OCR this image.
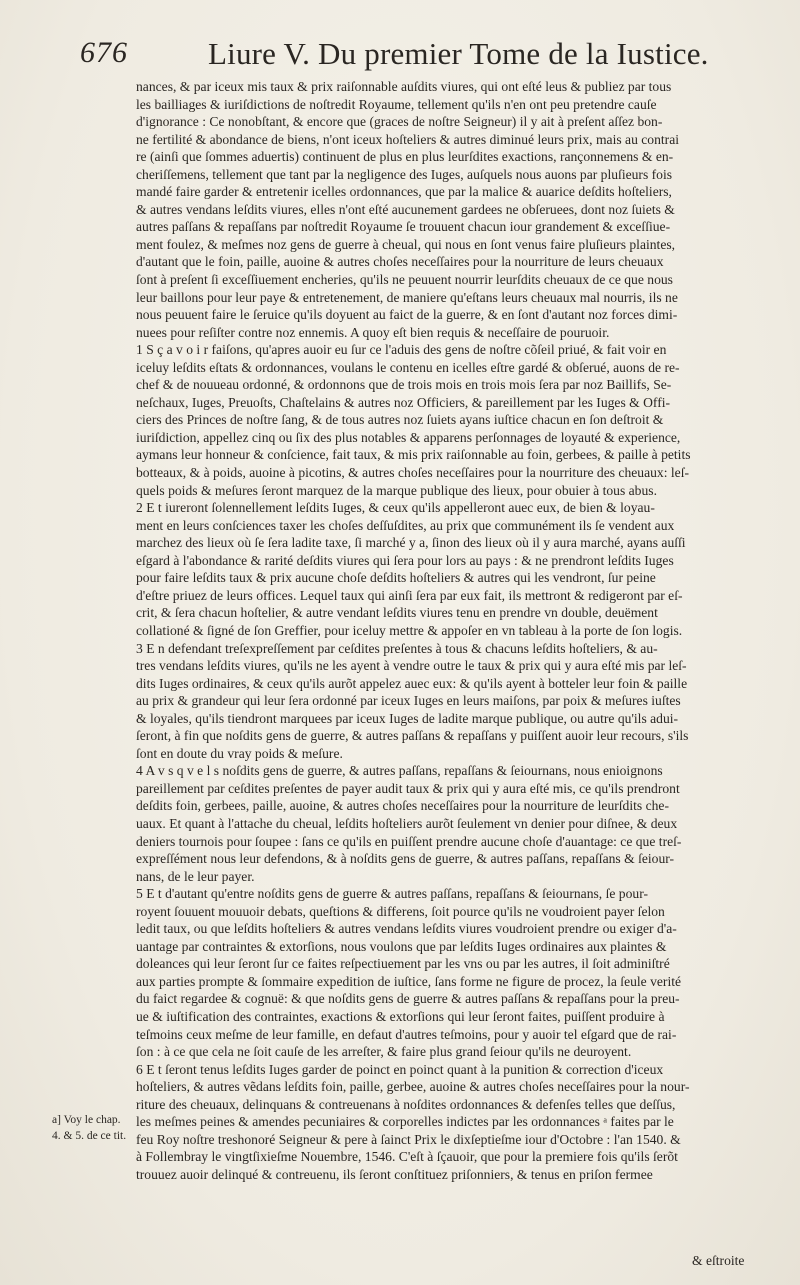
676	Liure V. Du premier Tome de la Iustice.
nances, & par iceux mis taux & prix raiſonnable auſdits viures, qui ont eſté leus & publiez par tous
les bailliages & iuriſdictions de noſtredit Royaume, tellement qu'ils n'en ont peu pretendre cauſe
d'ignorance : Ce nonobſtant, & encore que (graces de noſtre Seigneur) il y ait à preſent aſſez bon-
ne fertilité & abondance de biens, n'ont iceux hoſteliers & autres diminué leurs prix, mais au contrai
re (ainſi que ſommes aduertis) continuent de plus en plus leurſdites exactions, rançonnemens & en-
cheriſſemens, tellement que tant par la negligence des Iuges, auſquels nous auons par pluſieurs fois
mandé faire garder & entretenir icelles ordonnances, que par la malice & auarice deſdits hoſteliers,
& autres vendans leſdits viures, elles n'ont eſté aucunement gardees ne obſeruees, dont noz ſuiets &
autres paſſans & repaſſans par noſtredit Royaume ſe trouuent chacun iour grandement & exceſſiue-
ment foulez, & meſmes noz gens de guerre à cheual, qui nous en ſont venus faire pluſieurs plaintes,
d'autant que le foin, paille, auoine & autres choſes neceſſaires pour la nourriture de leurs cheuaux
ſont à preſent ſi exceſſiuement encheries, qu'ils ne peuuent nourrir leurſdits cheuaux de ce que nous
leur baillons pour leur paye & entretenement, de maniere qu'eſtans leurs cheuaux mal nourris, ils ne
nous peuuent faire le ſeruice qu'ils doyuent au faict de la guerre, & en ſont d'autant noz forces dimi-
nuees pour reſiſter contre noz ennemis. A quoy eſt bien requis & neceſſaire de pouruoir.
1 S ç a v o i r faiſons, qu'apres auoir eu ſur ce l'aduis des gens de noſtre cõſeil priué, & fait voir en
iceluy leſdits eſtats & ordonnances, voulans le contenu en icelles eſtre gardé & obſerué, auons de re-
chef & de nouueau ordonné, & ordonnons que de trois mois en trois mois ſera par noz Baillifs, Se-
neſchaux, Iuges, Preuoſts, Chaſtelains & autres noz Officiers, & pareillement par les Iuges & Offi-
ciers des Princes de noſtre ſang, & de tous autres noz ſuiets ayans iuſtice chacun en ſon deſtroit &
iuriſdiction, appellez cinq ou ſix des plus notables & apparens perſonnages de loyauté & experience,
aymans leur honneur & conſcience, fait taux, & mis prix raiſonnable au foin, gerbees, & paille à petits
botteaux, & à poids, auoine à picotins, & autres choſes neceſſaires pour la nourriture des cheuaux: leſ-
quels poids & meſures ſeront marquez de la marque publique des lieux, pour obuier à tous abus.
2 E t iureront ſolennellement leſdits Iuges, & ceux qu'ils appelleront auec eux, de bien & loyau-
ment en leurs conſciences taxer les choſes deſſuſdites, au prix que communément ils ſe vendent aux
marchez des lieux où ſe ſera ladite taxe, ſi marché y a, ſinon des lieux où il y aura marché, ayans auſſi
eſgard à l'abondance & rarité deſdits viures qui ſera pour lors au pays : & ne prendront leſdits Iuges
pour faire leſdits taux & prix aucune choſe deſdits hoſteliers & autres qui les vendront, ſur peine
d'eſtre priuez de leurs offices. Lequel taux qui ainſi ſera par eux fait, ils mettront & redigeront par eſ-
crit, & ſera chacun hoſtelier, & autre vendant leſdits viures tenu en prendre vn double, deuëment
collationé & ſigné de ſon Greffier, pour iceluy mettre & appoſer en vn tableau à la porte de ſon logis.
3 E n defendant treſexpreſſement par ceſdites preſentes à tous & chacuns leſdits hoſteliers, & au-
tres vendans leſdits viures, qu'ils ne les ayent à vendre outre le taux & prix qui y aura eſté mis par leſ-
dits Iuges ordinaires, & ceux qu'ils aurõt appelez auec eux: & qu'ils ayent à botteler leur foin & paille
au prix & grandeur qui leur ſera ordonné par iceux Iuges en leurs maiſons, par poix & meſures iuſtes
& loyales, qu'ils tiendront marquees par iceux Iuges de ladite marque publique, ou autre qu'ils adui-
ſeront, à fin que noſdits gens de guerre, & autres paſſans & repaſſans y puiſſent auoir leur recours, s'ils
ſont en doute du vray poids & meſure.
4 A v s q v e l s noſdits gens de guerre, & autres paſſans, repaſſans & ſeiournans, nous enioignons
pareillement par ceſdites preſentes de payer audit taux & prix qui y aura eſté mis, ce qu'ils prendront
deſdits foin, gerbees, paille, auoine, & autres choſes neceſſaires pour la nourriture de leurſdits che-
uaux. Et quant à l'attache du cheual, leſdits hoſteliers aurõt ſeulement vn denier pour diſnee, & deux
deniers tournois pour ſoupee : ſans ce qu'ils en puiſſent prendre aucune choſe d'auantage: ce que treſ-
expreſſément nous leur defendons, & à noſdits gens de guerre, & autres paſſans, repaſſans & ſeiour-
nans, de le leur payer.
5 E t d'autant qu'entre noſdits gens de guerre & autres paſſans, repaſſans & ſeiournans, ſe pour-
royent ſouuent mouuoir debats, queſtions & differens, ſoit pource qu'ils ne voudroient payer ſelon
ledit taux, ou que leſdits hoſteliers & autres vendans leſdits viures voudroient prendre ou exiger d'a-
uantage par contraintes & extorſions, nous voulons que par leſdits Iuges ordinaires aux plaintes &
doleances qui leur ſeront ſur ce faites reſpectiuement par les vns ou par les autres, il ſoit adminiſtré
aux parties prompte & ſommaire expedition de iuſtice, ſans forme ne figure de procez, la ſeule verité
du faict regardee & cognuë: & que noſdits gens de guerre & autres paſſans & repaſſans pour la preu-
ue & iuſtification des contraintes, exactions & extorſions qui leur ſeront faites, puiſſent produire à
teſmoins ceux meſme de leur famille, en defaut d'autres teſmoins, pour y auoir tel eſgard que de rai-
ſon : à ce que cela ne ſoit cauſe de les arreſter, & faire plus grand ſeiour qu'ils ne deuroyent.
6 E t ſeront tenus leſdits Iuges garder de poinct en poinct quant à la punition & correction d'iceux
hoſteliers, & autres vẽdans leſdits foin, paille, gerbee, auoine & autres choſes neceſſaires pour la nour-
riture des cheuaux, delinquans & contreuenans à noſdites ordonnances & defenſes telles que deſſus,
les meſmes peines & amendes pecuniaires & corporelles indictes par les ordonnances ᵃ faites par le
feu Roy noſtre treshonoré Seigneur & pere à ſainct Prix le dixſeptieſme iour d'Octobre : l'an 1540. &
à Follembray le vingtſixieſme Nouembre, 1546. C'eſt à ſçauoir, que pour la premiere fois qu'ils ſerõt
trouuez auoir delinqué & contreuenu, ils ſeront conſtituez priſonniers, & tenus en priſon fermee
a] Voy le chap.
4. & 5. de ce tit.
& eſtroite
